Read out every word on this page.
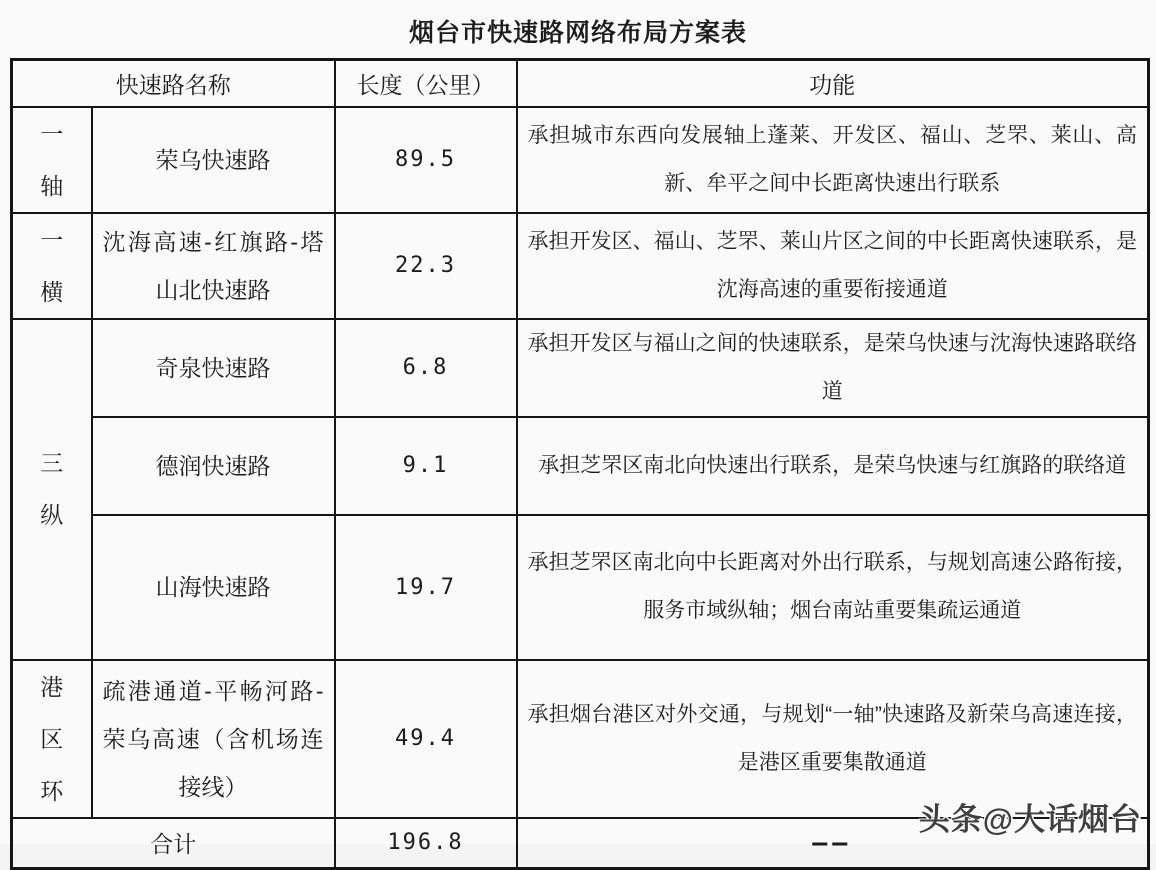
烟台市快速路网络布局方案表
快速路名称		长度（公里）	功能

一轴	荣乌快速路	89.5	承担城市东西向发展轴上蓬莱、开发区、福山、芝罘、莱山、高新、牟平之间中长距离快速出行联系

一横	沈海高速-红旗路-塔山北快速路	22.3	承担开发区、福山、芝罘、莱山片区之间的中长距离快速联系，是沈海高速的重要衔接通道

三纵	奇泉快速路	6.8	承担开发区与福山之间的快速联系，是荣乌快速与沈海快速路联络道
	德润快速路	9.1	承担芝罘区南北向快速出行联系，是荣乌快速与红旗路的联络道
	山海快速路	19.7	承担芝罘区南北向中长距离对外出行联系，与规划高速公路衔接，服务市域纵轴；烟台南站重要集疏运通道

港区环	疏港通道-平畅河路-荣乌高速（含机场连接线）	49.4	承担烟台港区对外交通，与规划“一轴”快速路及新荣乌高速连接，是港区重要集散通道
合计		196.8	——
头条@大话烟台
